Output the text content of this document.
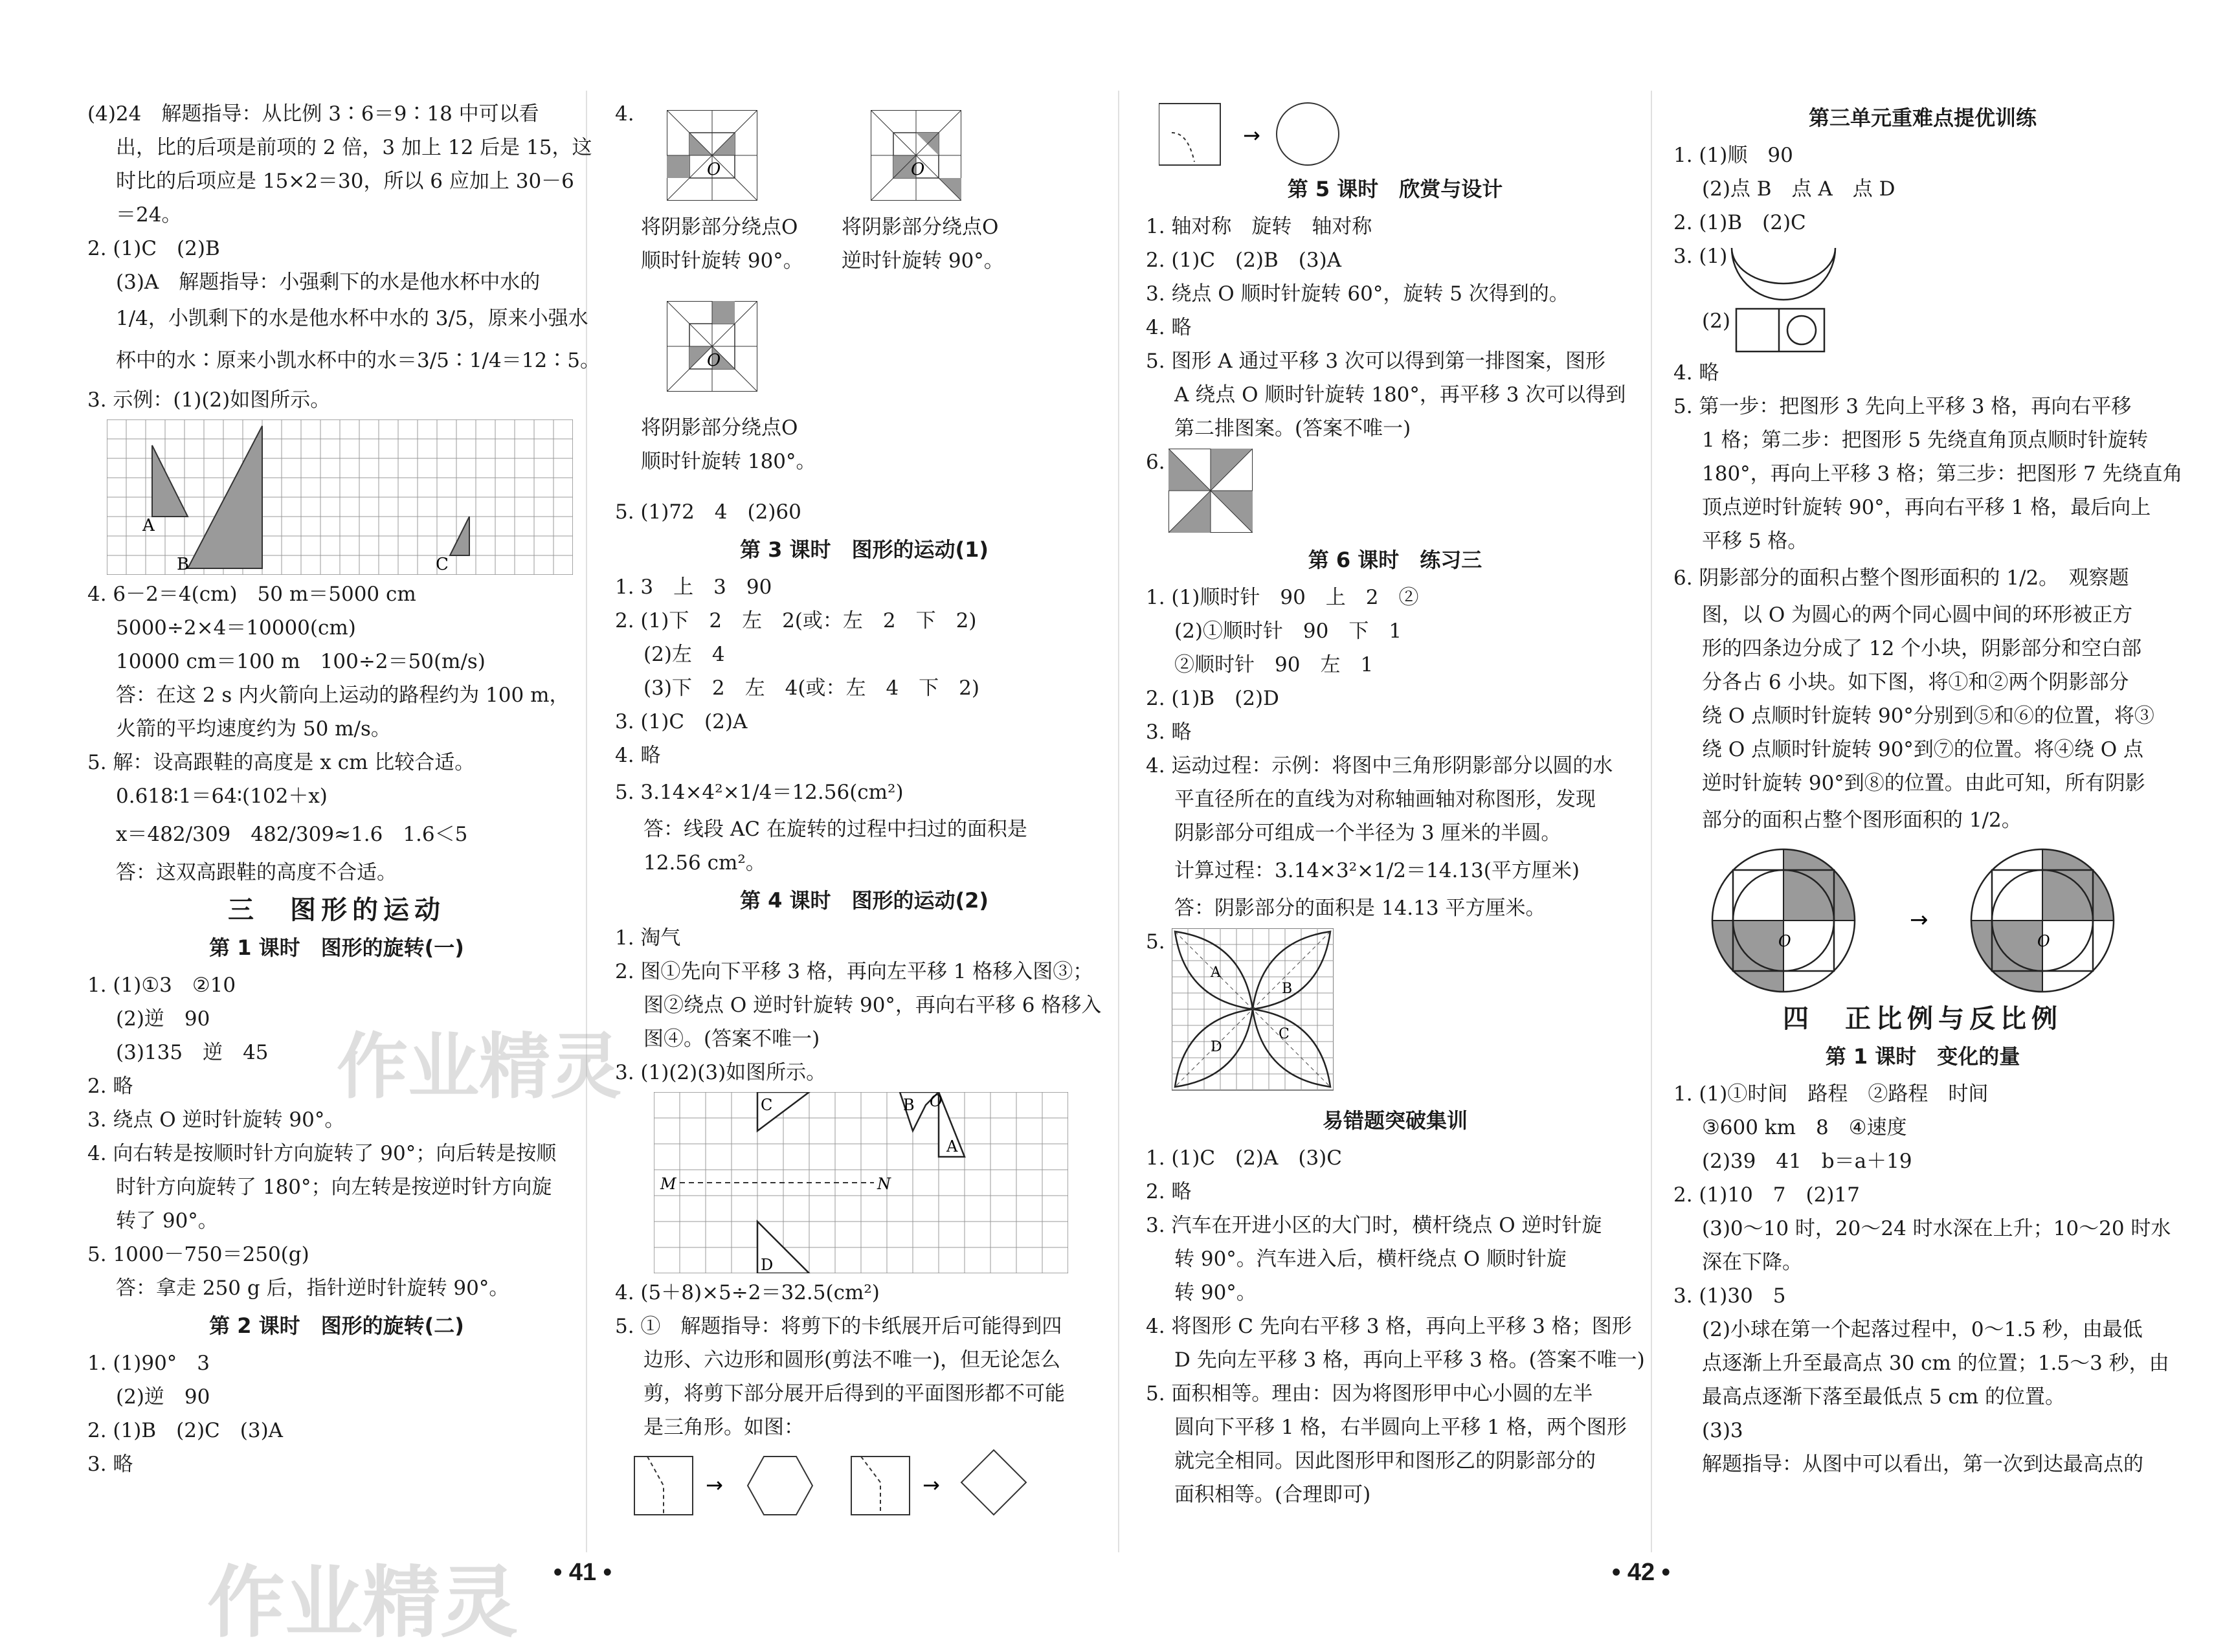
(4)24　解题指导：从比例 3∶6＝9∶18 中可以看

出，比的后项是前项的 2 倍，3 加上 12 后是 15，这

时比的后项应是 15×2＝30，所以 6 应加上 30－6

＝24。

2. (1)C　(2)B

(3)A　解题指导：小强剩下的水是他水杯中水的

1/4，小凯剩下的水是他水杯中水的 3/5，原来小强水

杯中的水∶原来小凯水杯中的水＝3/5∶1/4＝12∶5。

3. 示例：(1)(2)如图所示。

A
B	C

4. 6－2＝4(cm)　50 m＝5000 cm

5000÷2×4＝10000(cm)

10000 cm＝100 m　100÷2＝50(m/s)

答：在这 2 s 内火箭向上运动的路程约为 100 m，

火箭的平均速度约为 50 m/s。

5. 解：设高跟鞋的高度是 x cm 比较合适。

0.618∶1＝64∶(102＋x)

x＝482/309　482/309≈1.6　1.6＜5

答：这双高跟鞋的高度不合适。

三　图形的运动

第 1 课时　图形的旋转(一)

1. (1)①3　②10

(2)逆　90

(3)135　逆　45

2. 略

3. 绕点 O 逆时针旋转 90°。

4. 向右转是按顺时针方向旋转了 90°；向后转是按顺

时针方向旋转了 180°；向左转是按逆时针方向旋

转了 90°。

5. 1000－750＝250(g)

答：拿走 250 g 后，指针逆时针旋转 90°。

第 2 课时　图形的旋转(二)

1. (1)90°　3

(2)逆　90

2. (1)B　(2)C　(3)A

3. 略

4.
O	O

将阴影部分绕点O

顺时针旋转 90°。

将阴影部分绕点O

逆时针旋转 90°。

O

将阴影部分绕点O

顺时针旋转 180°。

5. (1)72　4　(2)60

第 3 课时　图形的运动(1)

1. 3　上　3　90

2. (1)下　2　左　2(或：左　2　下　2)

(2)左　4

(3)下　2　左　4(或：左　4　下　2)

3. (1)C　(2)A

4. 略

5. 3.14×4²×1/4＝12.56(cm²)

答：线段 AC 在旋转的过程中扫过的面积是

12.56 cm²。

第 4 课时　图形的运动(2)

1. 淘气

2. 图①先向下平移 3 格，再向左平移 1 格移入图③；

图②绕点 O 逆时针旋转 90°，再向右平移 6 格移入

图④。(答案不唯一)

3. (1)(2)(3)如图所示。

C	B
A
D
M	N
O

4. (5＋8)×5÷2＝32.5(cm²)

5. ①　解题指导：将剪下的卡纸展开后可能得到四

边形、六边形和圆形(剪法不唯一)，但无论怎么

剪，将剪下部分展开后得到的平面图形都不可能

是三角形。如图：

→	→
• 41 •
→

第 5 课时　欣赏与设计

1. 轴对称　旋转　轴对称

2. (1)C　(2)B　(3)A

3. 绕点 O 顺时针旋转 60°，旋转 5 次得到的。

4. 略

5. 图形 A 通过平移 3 次可以得到第一排图案，图形

A 绕点 O 顺时针旋转 180°，再平移 3 次可以得到

第二排图案。(答案不唯一)

6.

第 6 课时　练习三

1. (1)顺时针　90　上　2　②

(2)①顺时针　90　下　1

②顺时针　90　左　1

2. (1)B　(2)D

3. 略

4. 运动过程：示例：将图中三角形阴影部分以圆的水

平直径所在的直线为对称轴画轴对称图形，发现

阴影部分可组成一个半径为 3 厘米的半圆。

计算过程：3.14×3²×1/2＝14.13(平方厘米)

答：阴影部分的面积是 14.13 平方厘米。

5.
A
B
C
D

易错题突破集训

1. (1)C　(2)A　(3)C

2. 略

3. 汽车在开进小区的大门时，横杆绕点 O 逆时针旋

转 90°。汽车进入后，横杆绕点 O 顺时针旋

转 90°。

4. 将图形 C 先向右平移 3 格，再向上平移 3 格；图形

D 先向左平移 3 格，再向上平移 3 格。(答案不唯一)

5. 面积相等。理由：因为将图形甲中心小圆的左半

圆向下平移 1 格，右半圆向上平移 1 格，两个图形

就完全相同。因此图形甲和图形乙的阴影部分的

面积相等。(合理即可)

第三单元重难点提优训练

1. (1)顺　90

(2)点 B　点 A　点 D

2. (1)B　(2)C

3. (1)
(2)

4. 略

5. 第一步：把图形 3 先向上平移 3 格，再向右平移

1 格；第二步：把图形 5 先绕直角顶点顺时针旋转

180°，再向上平移 3 格；第三步：把图形 7 先绕直角

顶点逆时针旋转 90°，再向右平移 1 格，最后向上

平移 5 格。

6. 阴影部分的面积占整个图形面积的 1/2。　观察题

图，以 O 为圆心的两个同心圆中间的环形被正方

形的四条边分成了 12 个小块，阴影部分和空白部

分各占 6 小块。如下图，将①和②两个阴影部分

绕 O 点顺时针旋转 90°分别到⑤和⑥的位置，将③

绕 O 点顺时针旋转 90°到⑦的位置。将④绕 O 点

逆时针旋转 90°到⑧的位置。由此可知，所有阴影

部分的面积占整个图形面积的 1/2。

O
→
O

四　正比例与反比例

第 1 课时　变化的量

1. (1)①时间　路程　②路程　时间

③600 km　8　④速度

(2)39　41　b＝a＋19

2. (1)10　7　(2)17

(3)0～10 时，20～24 时水深在上升；10～20 时水

深在下降。

3. (1)30　5

(2)小球在第一个起落过程中，0～1.5 秒，由最低

点逐渐上升至最高点 30 cm 的位置；1.5～3 秒，由

最高点逐渐下落至最低点 5 cm 的位置。

(3)3

解题指导：从图中可以看出，第一次到达最高点的

• 42 •
作业精灵
作业精灵
